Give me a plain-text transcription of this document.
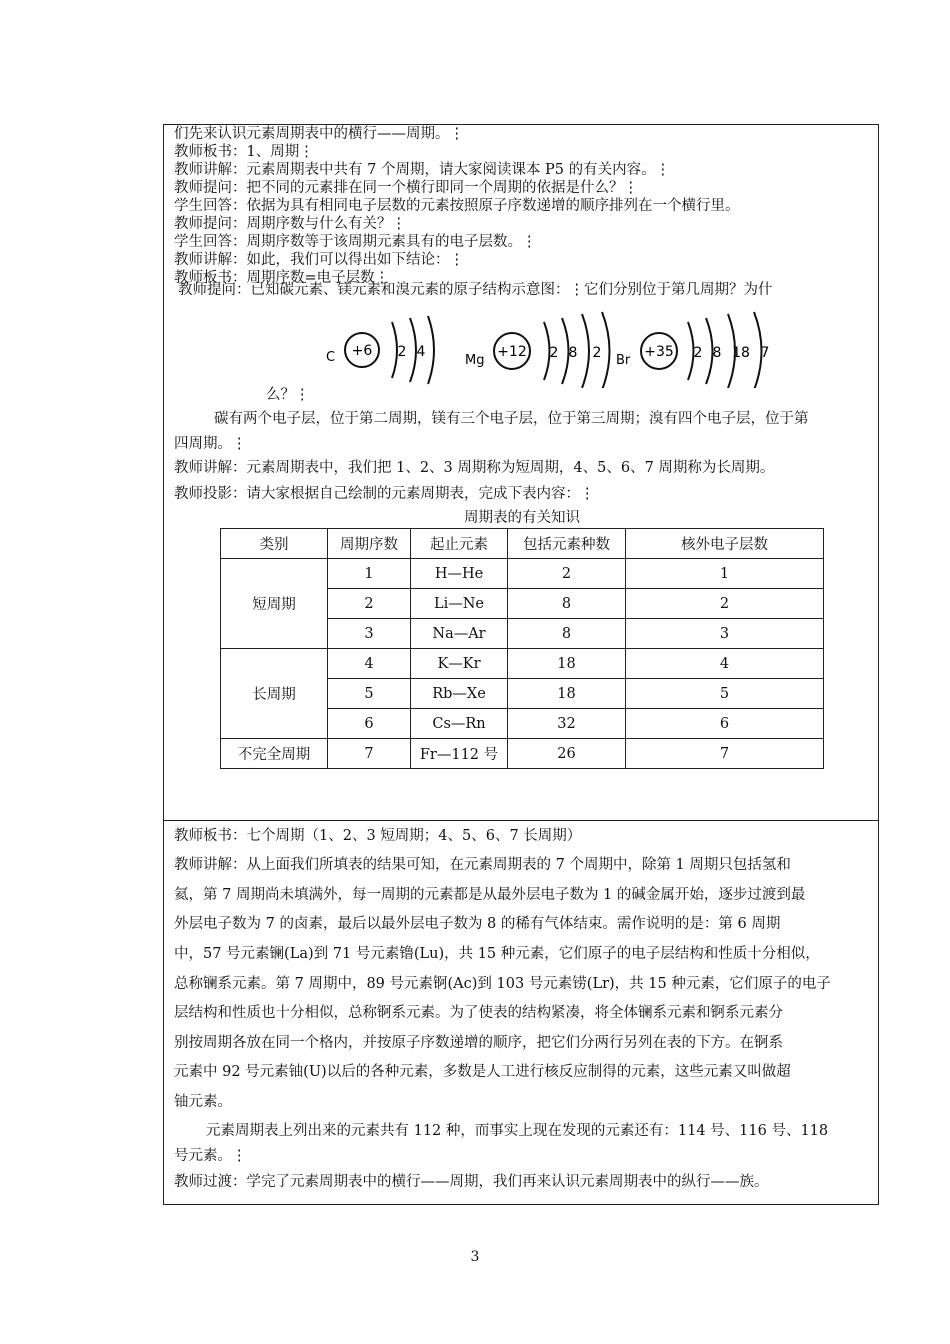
们先来认识元素周期表中的横行——周期。⋮
教师板书：1、周期⋮
教师讲解：元素周期表中共有 7 个周期，请大家阅读课本 P5 的有关内容。⋮
教师提问：把不同的元素排在同一个横行即同一个周期的依据是什么？⋮
学生回答：依据为具有相同电子层数的元素按照原子序数递增的顺序排列在一个横行里。
教师提问：周期序数与什么有关？⋮
学生回答：周期序数等于该周期元素具有的电子层数。⋮
教师讲解：如此，我们可以得出如下结论：⋮
教师板书：周期序数=电子层数⋮
教师提问：已知碳元素、镁元素和溴元素的原子结构示意图：⋮它们分别位于第几周期？为什
C +6 2 4
Mg
+12 2 8 2 Br
+35 2 8 18 7
么？⋮
碳有两个电子层，位于第二周期，镁有三个电子层，位于第三周期；溴有四个电子层，位于第
四周期。⋮
教师讲解：元素周期表中，我们把 1、2、3 周期称为短周期，4、5、6、7 周期称为长周期。
教师投影：请大家根据自己绘制的元素周期表，完成下表内容：⋮
周期表的有关知识
类别	周期序数	起止元素	包括元素种数	核外电子层数
短周期	1	H—He	2	1
	2	Li—Ne	8	2
	3	Na—Ar	8	3
长周期	4	K—Kr	18	4
	5	Rb—Xe	18	5
	6	Cs—Rn	32	6
不完全周期	7	Fr—112 号	26	7
教师板书：七个周期（1、2、3 短周期；4、5、6、7 长周期）
教师讲解：从上面我们所填表的结果可知，在元素周期表的 7 个周期中，除第 1 周期只包括氢和
氦，第 7 周期尚未填满外，每一周期的元素都是从最外层电子数为 1 的碱金属开始，逐步过渡到最
外层电子数为 7 的卤素，最后以最外层电子数为 8 的稀有气体结束。需作说明的是：第 6 周期
中，57 号元素镧(La)到 71 号元素镥(Lu)，共 15 种元素，它们原子的电子层结构和性质十分相似，
总称镧系元素。第 7 周期中，89 号元素锕(Ac)到 103 号元素铹(Lr)，共 15 种元素，它们原子的电子
层结构和性质也十分相似，总称锕系元素。为了使表的结构紧凑，将全体镧系元素和锕系元素分
别按周期各放在同一个格内，并按原子序数递增的顺序，把它们分两行另列在表的下方。在锕系
元素中 92 号元素铀(U)以后的各种元素，多数是人工进行核反应制得的元素，这些元素又叫做超
铀元素。
元素周期表上列出来的元素共有 112 种，而事实上现在发现的元素还有：114 号、116 号、118
号元素。⋮
教师过渡：学完了元素周期表中的横行——周期，我们再来认识元素周期表中的纵行——族。
3
